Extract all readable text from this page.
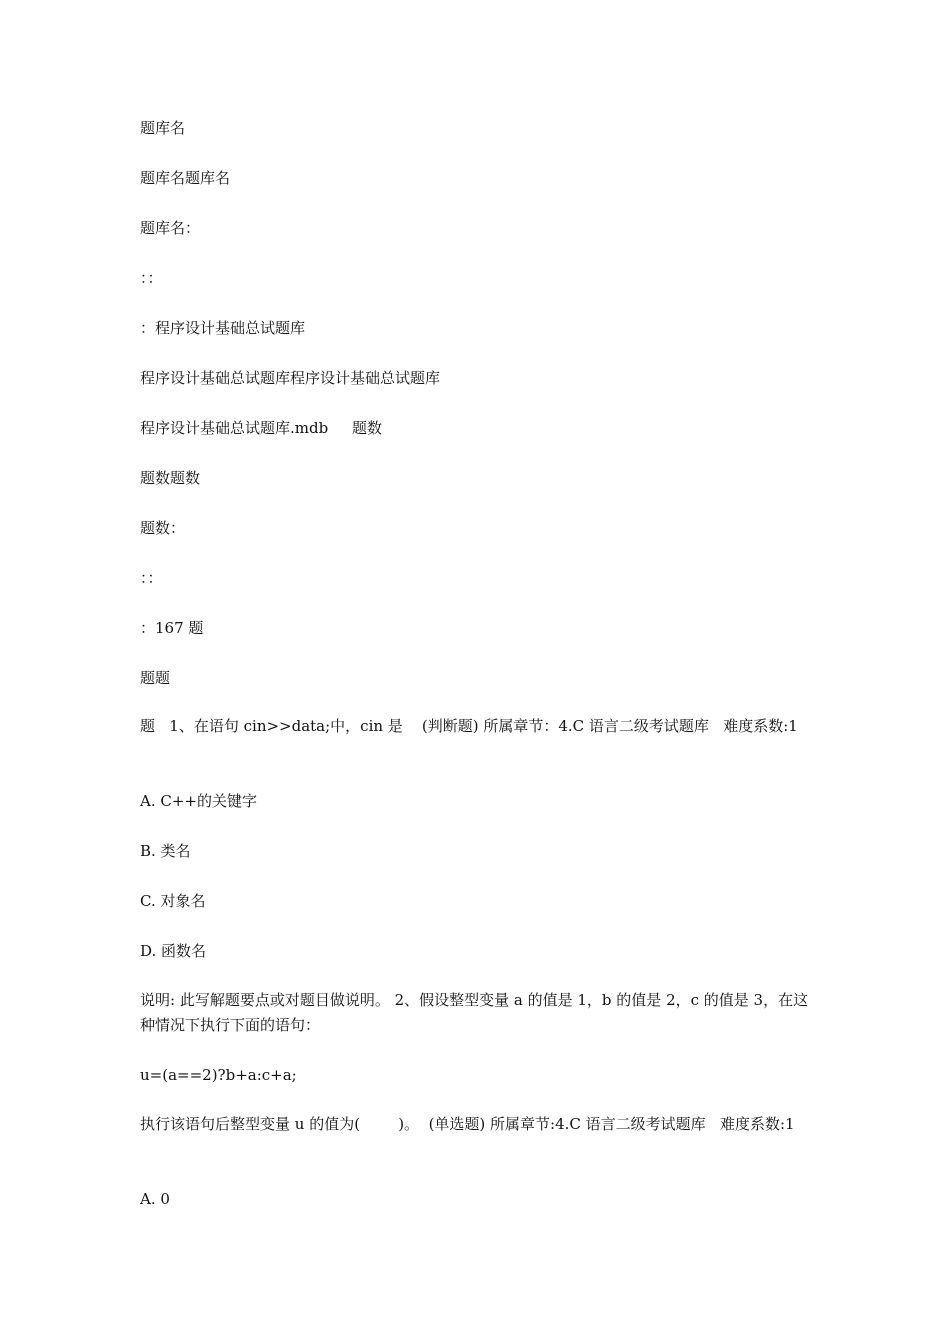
题库名

题库名题库名

题库名：

：：

：程序设计基础总试题库

程序设计基础总试题库程序设计基础总试题库

程序设计基础总试题库.mdb     题数

题数题数

题数：

：：

：167 题

题题

题   1、在语句 cin>>data;中，cin 是    (判断题) 所属章节：4.C 语言二级考试题库   难度系数:1

A. C++的关键字

B. 类名

C. 对象名

D. 函数名

说明: 此写解题要点或对题目做说明。 2、假设整型变量 a 的值是 1，b 的值是 2，c 的值是 3，在这种情况下执行下面的语句：

u=(a==2)?b+a:c+a;

执行该语句后整型变量 u 的值为(        )。  (单选题) 所属章节:4.C 语言二级考试题库   难度系数:1

A. 0
